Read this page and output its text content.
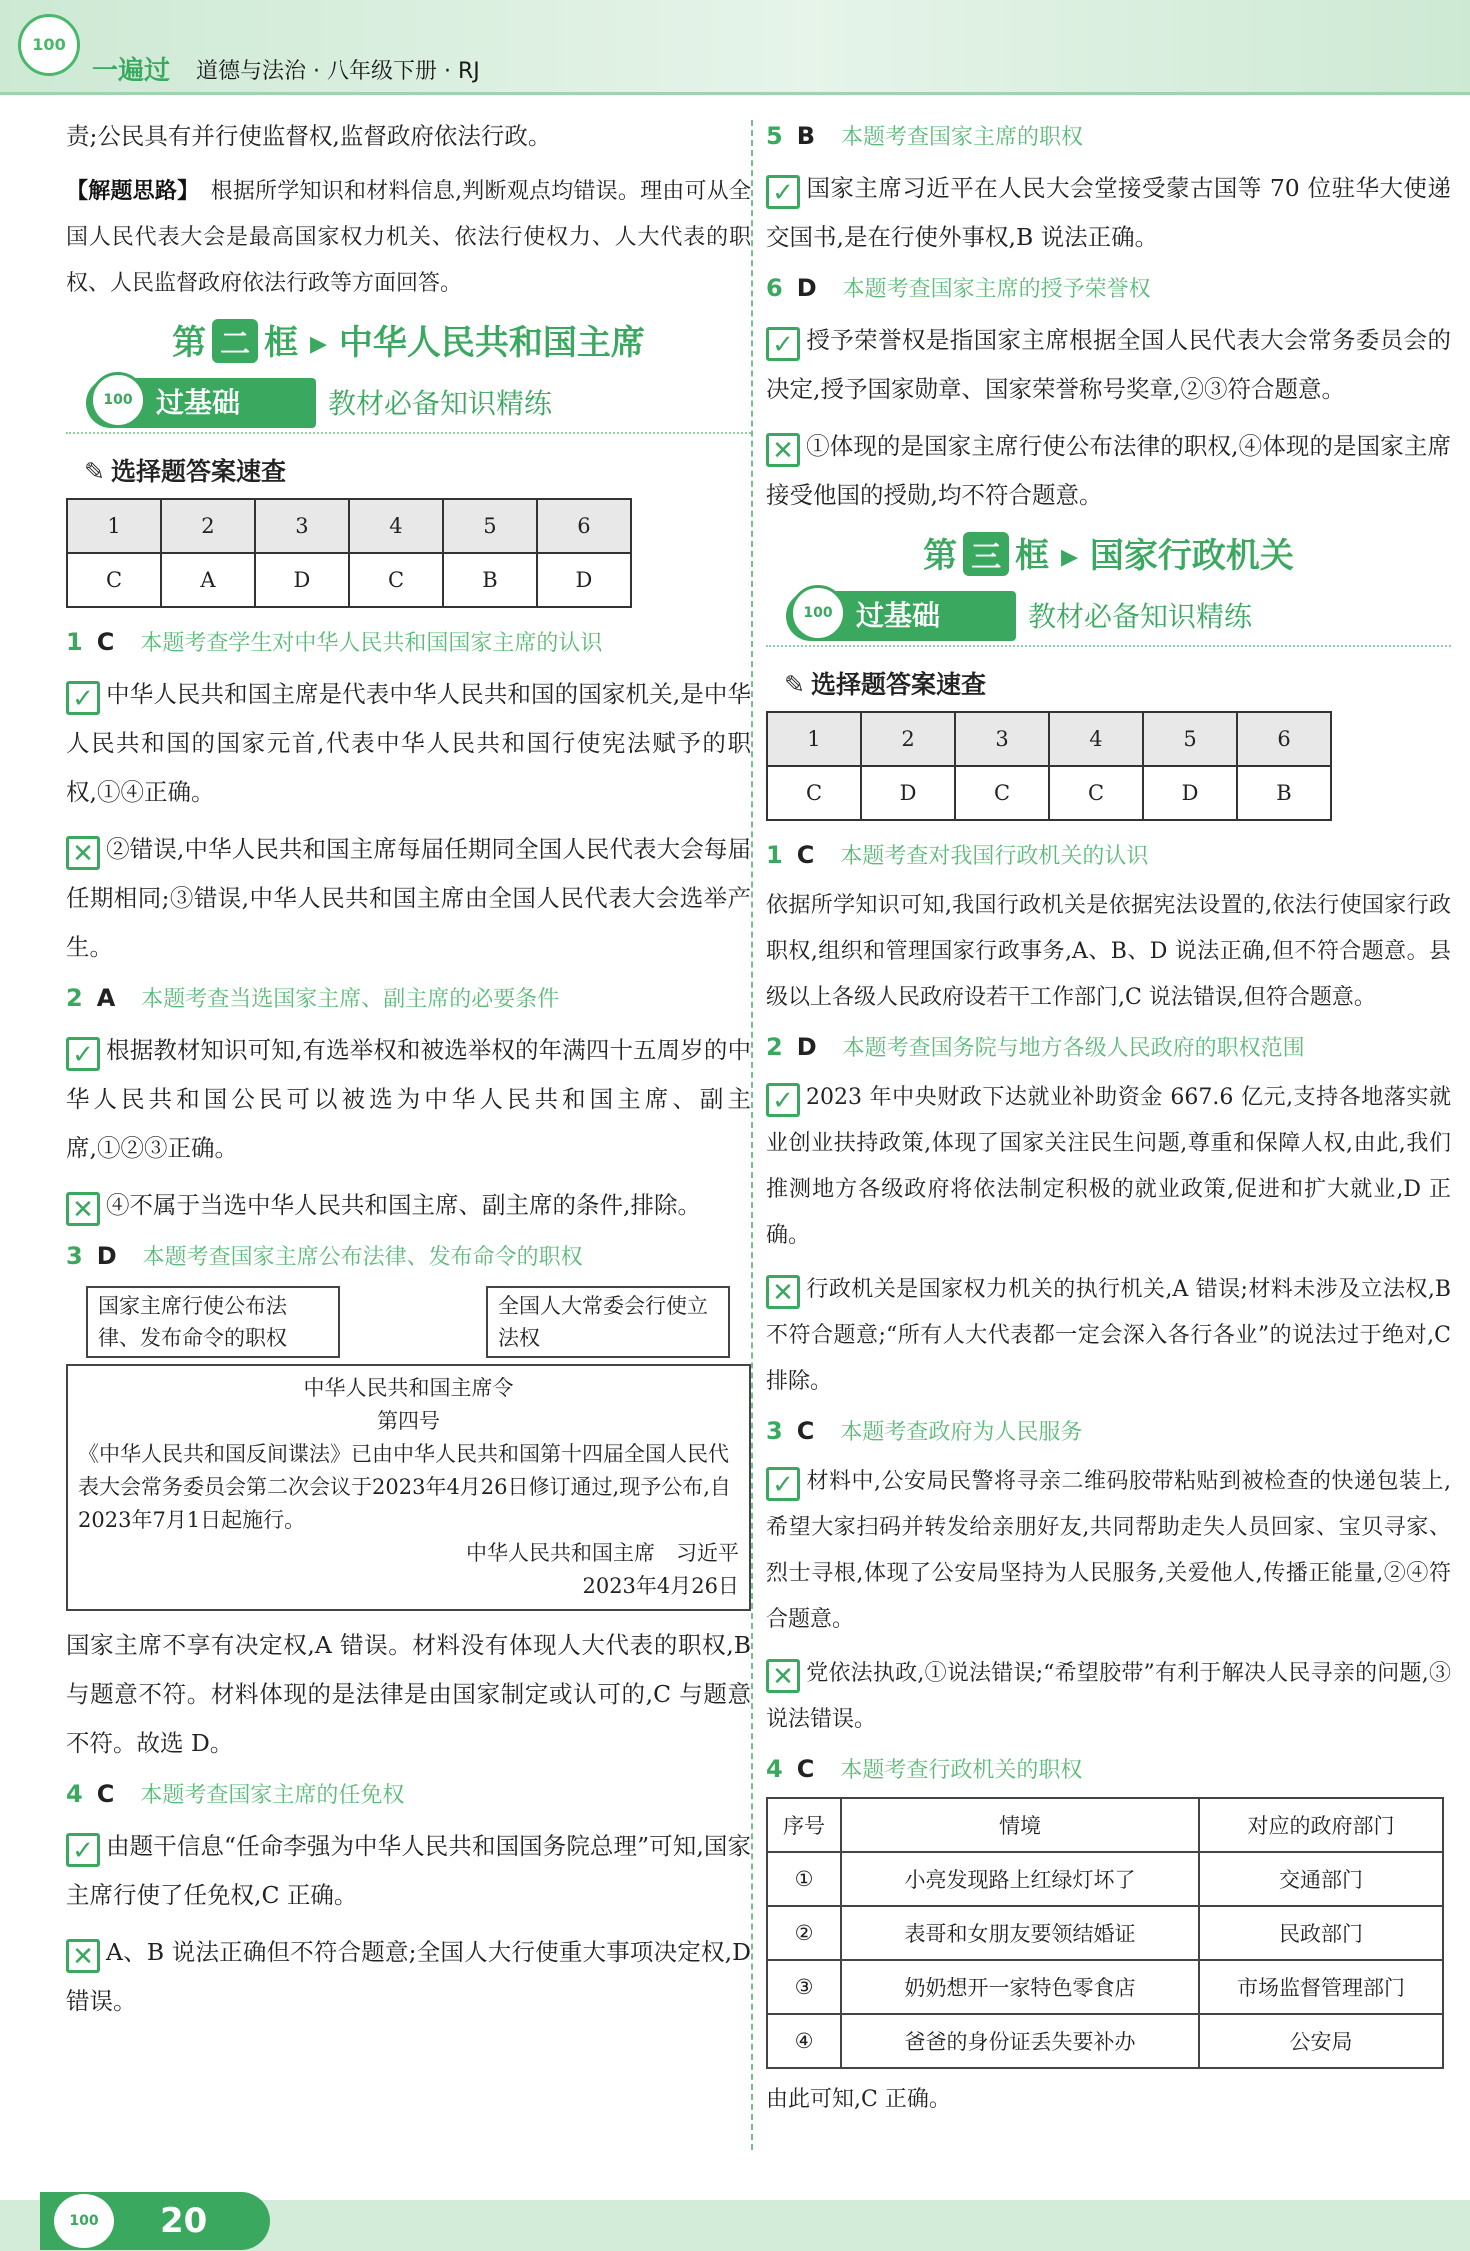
100
一遍过 道德与法治 · 八年级下册 · RJ

责;公民具有并行使监督权,监督政府依法行政。

【解题思路】　 根据所学知识和材料信息,判断观点均错误。理由可从全国人民代表大会是最高国家权力机关、依法行使权力、人大代表的职权、人民监督政府依法行政等方面回答。

第 二 框 ▸ 中华人民共和国主席
100 过基础	教材必备知识精练
✎ 选择题答案速查
1	2	3	4	5	6
C	A	D	C	B	D
1 C 本题考查学生对中华人民共和国国家主席的认识

✓ 中华人民共和国主席是代表中华人民共和国的国家机关,是中华人民共和国的国家元首,代表中华人民共和国行使宪法赋予的职权,①④正确。

✕ ②错误,中华人民共和国主席每届任期同全国人民代表大会每届任期相同;③错误,中华人民共和国主席由全国人民代表大会选举产生。

2 A 本题考查当选国家主席、副主席的必要条件

✓ 根据教材知识可知,有选举权和被选举权的年满四十五周岁的中华人民共和国公民可以被选为中华人民共和国主席、副主席,①②③正确。

✕ ④不属于当选中华人民共和国主席、副主席的条件,排除。

3 D 本题考查国家主席公布法律、发布命令的职权
国家主席行使公布法律、发布命令的职权
全国人大常委会行使立法权
中华人民共和国主席令
第四号
《中华人民共和国反间谍法》已由中华人民共和国第十四届全国人民代表大会常务委员会第二次会议于2023年4月26日修订通过,现予公布,自2023年7月1日起施行。
中华人民共和国主席　习近平
2023年4月26日

国家主席不享有决定权,A 错误。材料没有体现人大代表的职权,B 与题意不符。材料体现的是法律是由国家制定或认可的,C 与题意不符。故选 D。

4 C 本题考查国家主席的任免权

✓ 由题干信息“任命李强为中华人民共和国国务院总理”可知,国家主席行使了任免权,C 正确。

✕ A、B 说法正确但不符合题意;全国人大行使重大事项决定权,D 错误。

5 B 本题考查国家主席的职权

✓ 国家主席习近平在人民大会堂接受蒙古国等 70 位驻华大使递交国书,是在行使外事权,B 说法正确。

6 D 本题考查国家主席的授予荣誉权

✓ 授予荣誉权是指国家主席根据全国人民代表大会常务委员会的决定,授予国家勋章、国家荣誉称号奖章,②③符合题意。

✕ ①体现的是国家主席行使公布法律的职权,④体现的是国家主席接受他国的授勋,均不符合题意。

第 三 框 ▸ 国家行政机关
100 过基础	教材必备知识精练
✎ 选择题答案速查
1	2	3	4	5	6
C	D	C	C	D	B
1 C 本题考查对我国行政机关的认识

依据所学知识可知,我国行政机关是依据宪法设置的,依法行使国家行政职权,组织和管理国家行政事务,A、B、D 说法正确,但不符合题意。县级以上各级人民政府设若干工作部门,C 说法错误,但符合题意。

2 D 本题考查国务院与地方各级人民政府的职权范围

✓ 2023 年中央财政下达就业补助资金 667.6 亿元,支持各地落实就业创业扶持政策,体现了国家关注民生问题,尊重和保障人权,由此,我们推测地方各级政府将依法制定积极的就业政策,促进和扩大就业,D 正确。

✕ 行政机关是国家权力机关的执行机关,A 错误;材料未涉及立法权,B 不符合题意;“所有人大代表都一定会深入各行各业”的说法过于绝对,C 排除。

3 C 本题考查政府为人民服务

✓ 材料中,公安局民警将寻亲二维码胶带粘贴到被检查的快递包装上,希望大家扫码并转发给亲朋好友,共同帮助走失人员回家、宝贝寻家、烈士寻根,体现了公安局坚持为人民服务,关爱他人,传播正能量,②④符合题意。

✕ 党依法执政,①说法错误;“希望胶带”有利于解决人民寻亲的问题,③说法错误。

4 C 本题考查行政机关的职权
序号	情境	对应的政府部门
①	小亮发现路上红绿灯坏了	交通部门
②	表哥和女朋友要领结婚证	民政部门
③	奶奶想开一家特色零食店	市场监督管理部门
④	爸爸的身份证丢失要补办	公安局

由此可知,C 正确。

100	20
